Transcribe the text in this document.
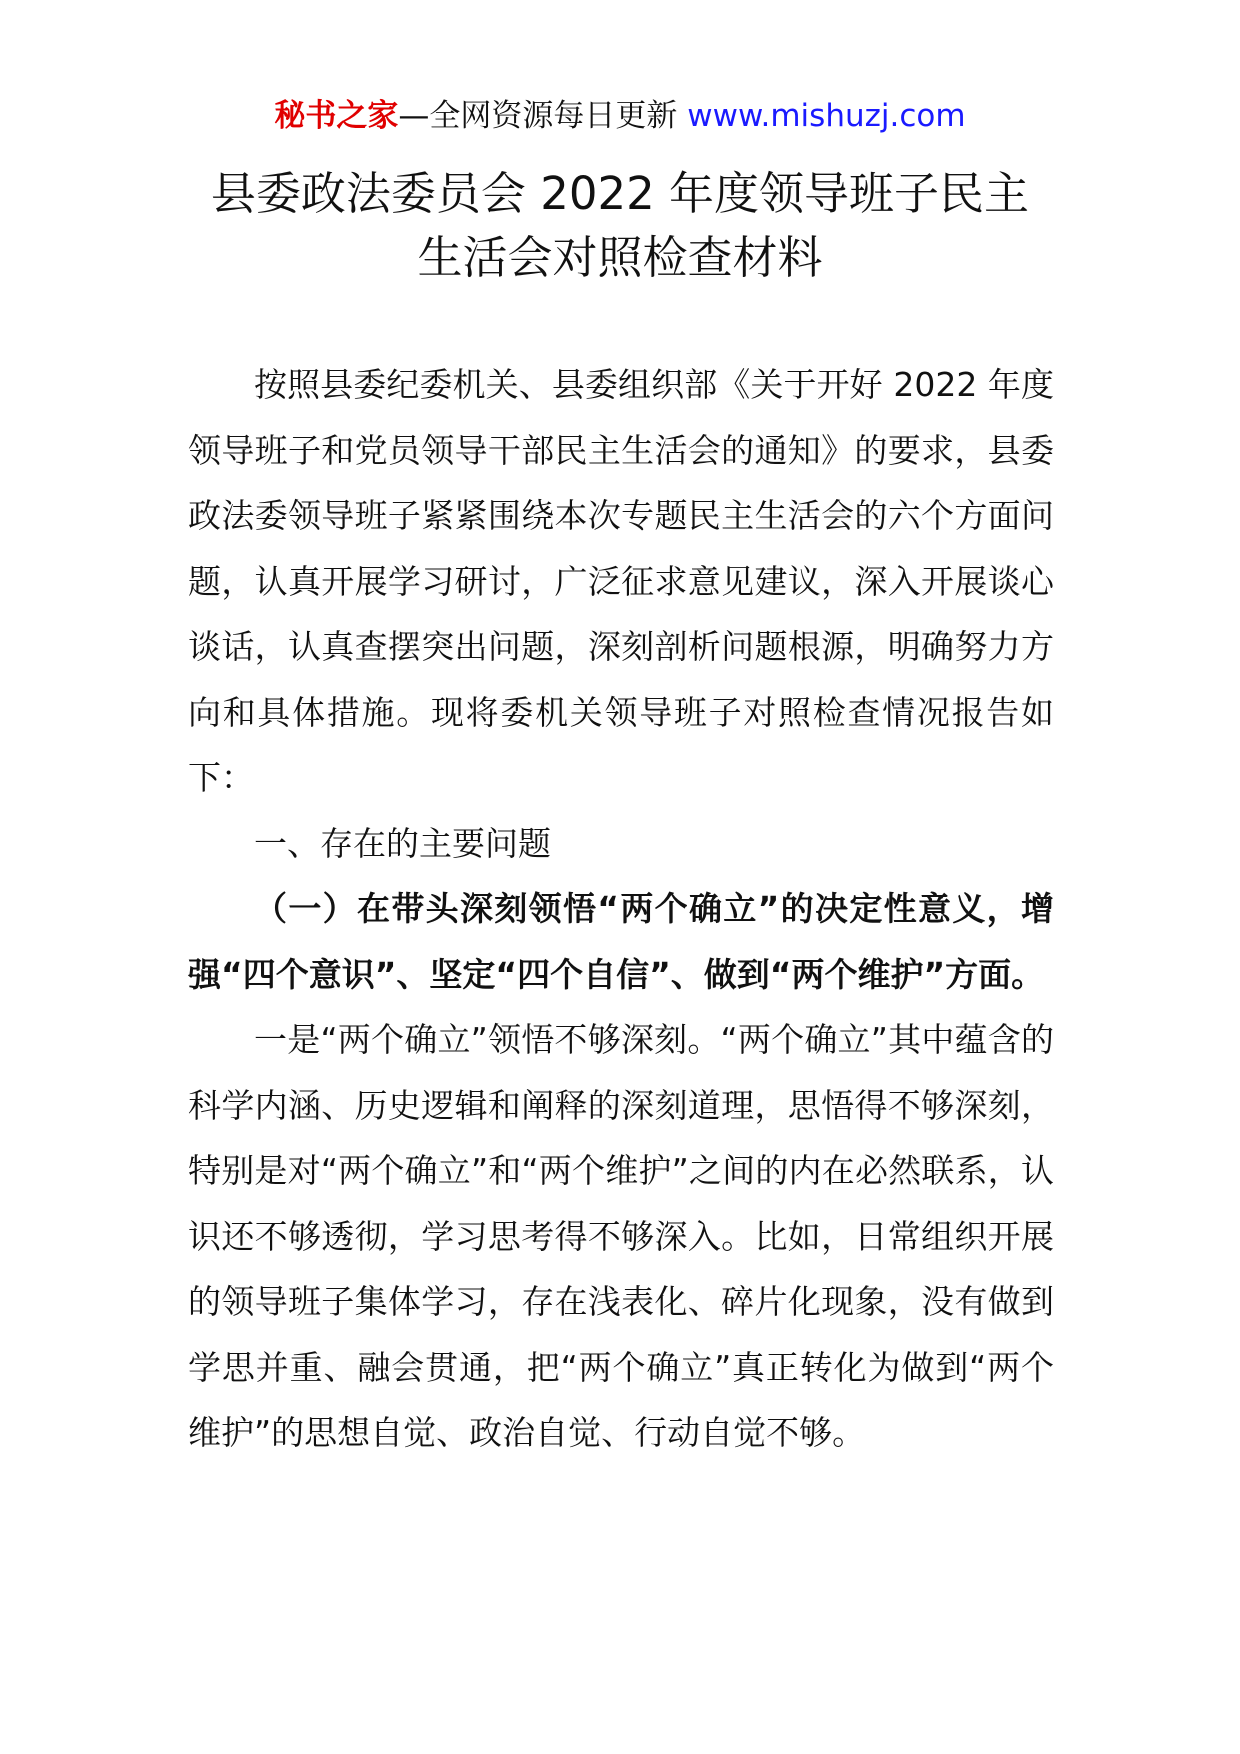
秘书之家—全网资源每日更新 www.mishuzj.com
县委政法委员会 2022 年度领导班子民主
生活会对照检查材料

按照县委纪委机关、县委组织部《关于开好 2022 年度领导班子和党员领导干部民主生活会的通知》的要求，县委政法委领导班子紧紧围绕本次专题民主生活会的六个方面问题，认真开展学习研讨，广泛征求意见建议，深入开展谈心谈话，认真查摆突出问题，深刻剖析问题根源，明确努力方向和具体措施。现将委机关领导班子对照检查情况报告如下：

一、存在的主要问题

（一）在带头深刻领悟“两个确立”的决定性意义，增强“四个意识”、坚定“四个自信”、做到“两个维护”方面。

一是“两个确立”领悟不够深刻。“两个确立”其中蕴含的科学内涵、历史逻辑和阐释的深刻道理，思悟得不够深刻，特别是对“两个确立”和“两个维护”之间的内在必然联系，认识还不够透彻，学习思考得不够深入。比如，日常组织开展的领导班子集体学习，存在浅表化、碎片化现象，没有做到学思并重、融会贯通，把“两个确立”真正转化为做到“两个维护”的思想自觉、政治自觉、行动自觉不够。
